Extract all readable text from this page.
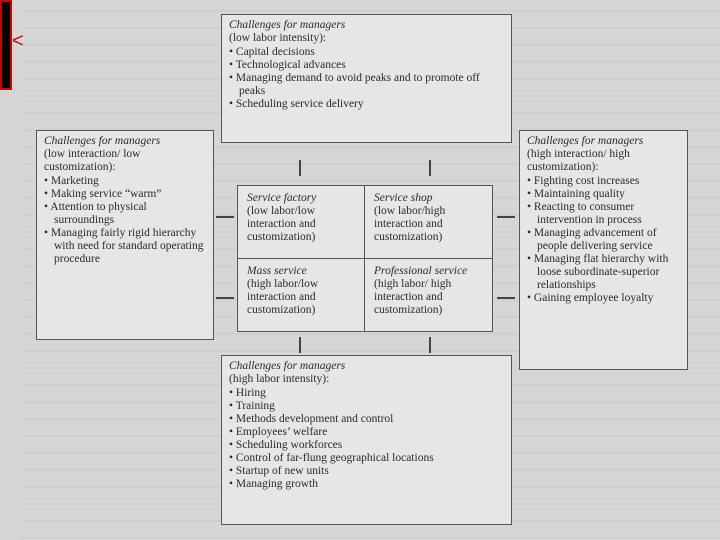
<
Challenges for managers
(low labor intensity):
• Capital decisions
• Technological advances
• Managing demand to avoid peaks and to promote off peaks
• Scheduling service delivery
Challenges for managers
(low interaction/ low customization):
• Marketing
• Making service “warm”
• Attention to physical surroundings
• Managing fairly rigid hierarchy with need for standard operating procedure
Challenges for managers
(high interaction/ high customization):
• Fighting cost increases
• Maintaining quality
• Reacting to consumer intervention in process
• Managing advancement of people delivering service
• Managing flat hierarchy with loose subordinate-superior relationships
• Gaining employee loyalty
Challenges for managers
(high labor intensity):
• Hiring
• Training
• Methods development and control
• Employees’ welfare
• Scheduling workforces
• Control of far-flung geographical locations
• Startup of new units
• Managing growth
Service factory
(low labor/low interaction and customization)
Service shop
(low labor/high interaction and customization)
Mass service
(high labor/low interaction and customization)
Professional service
(high labor/ high interaction and customization)
